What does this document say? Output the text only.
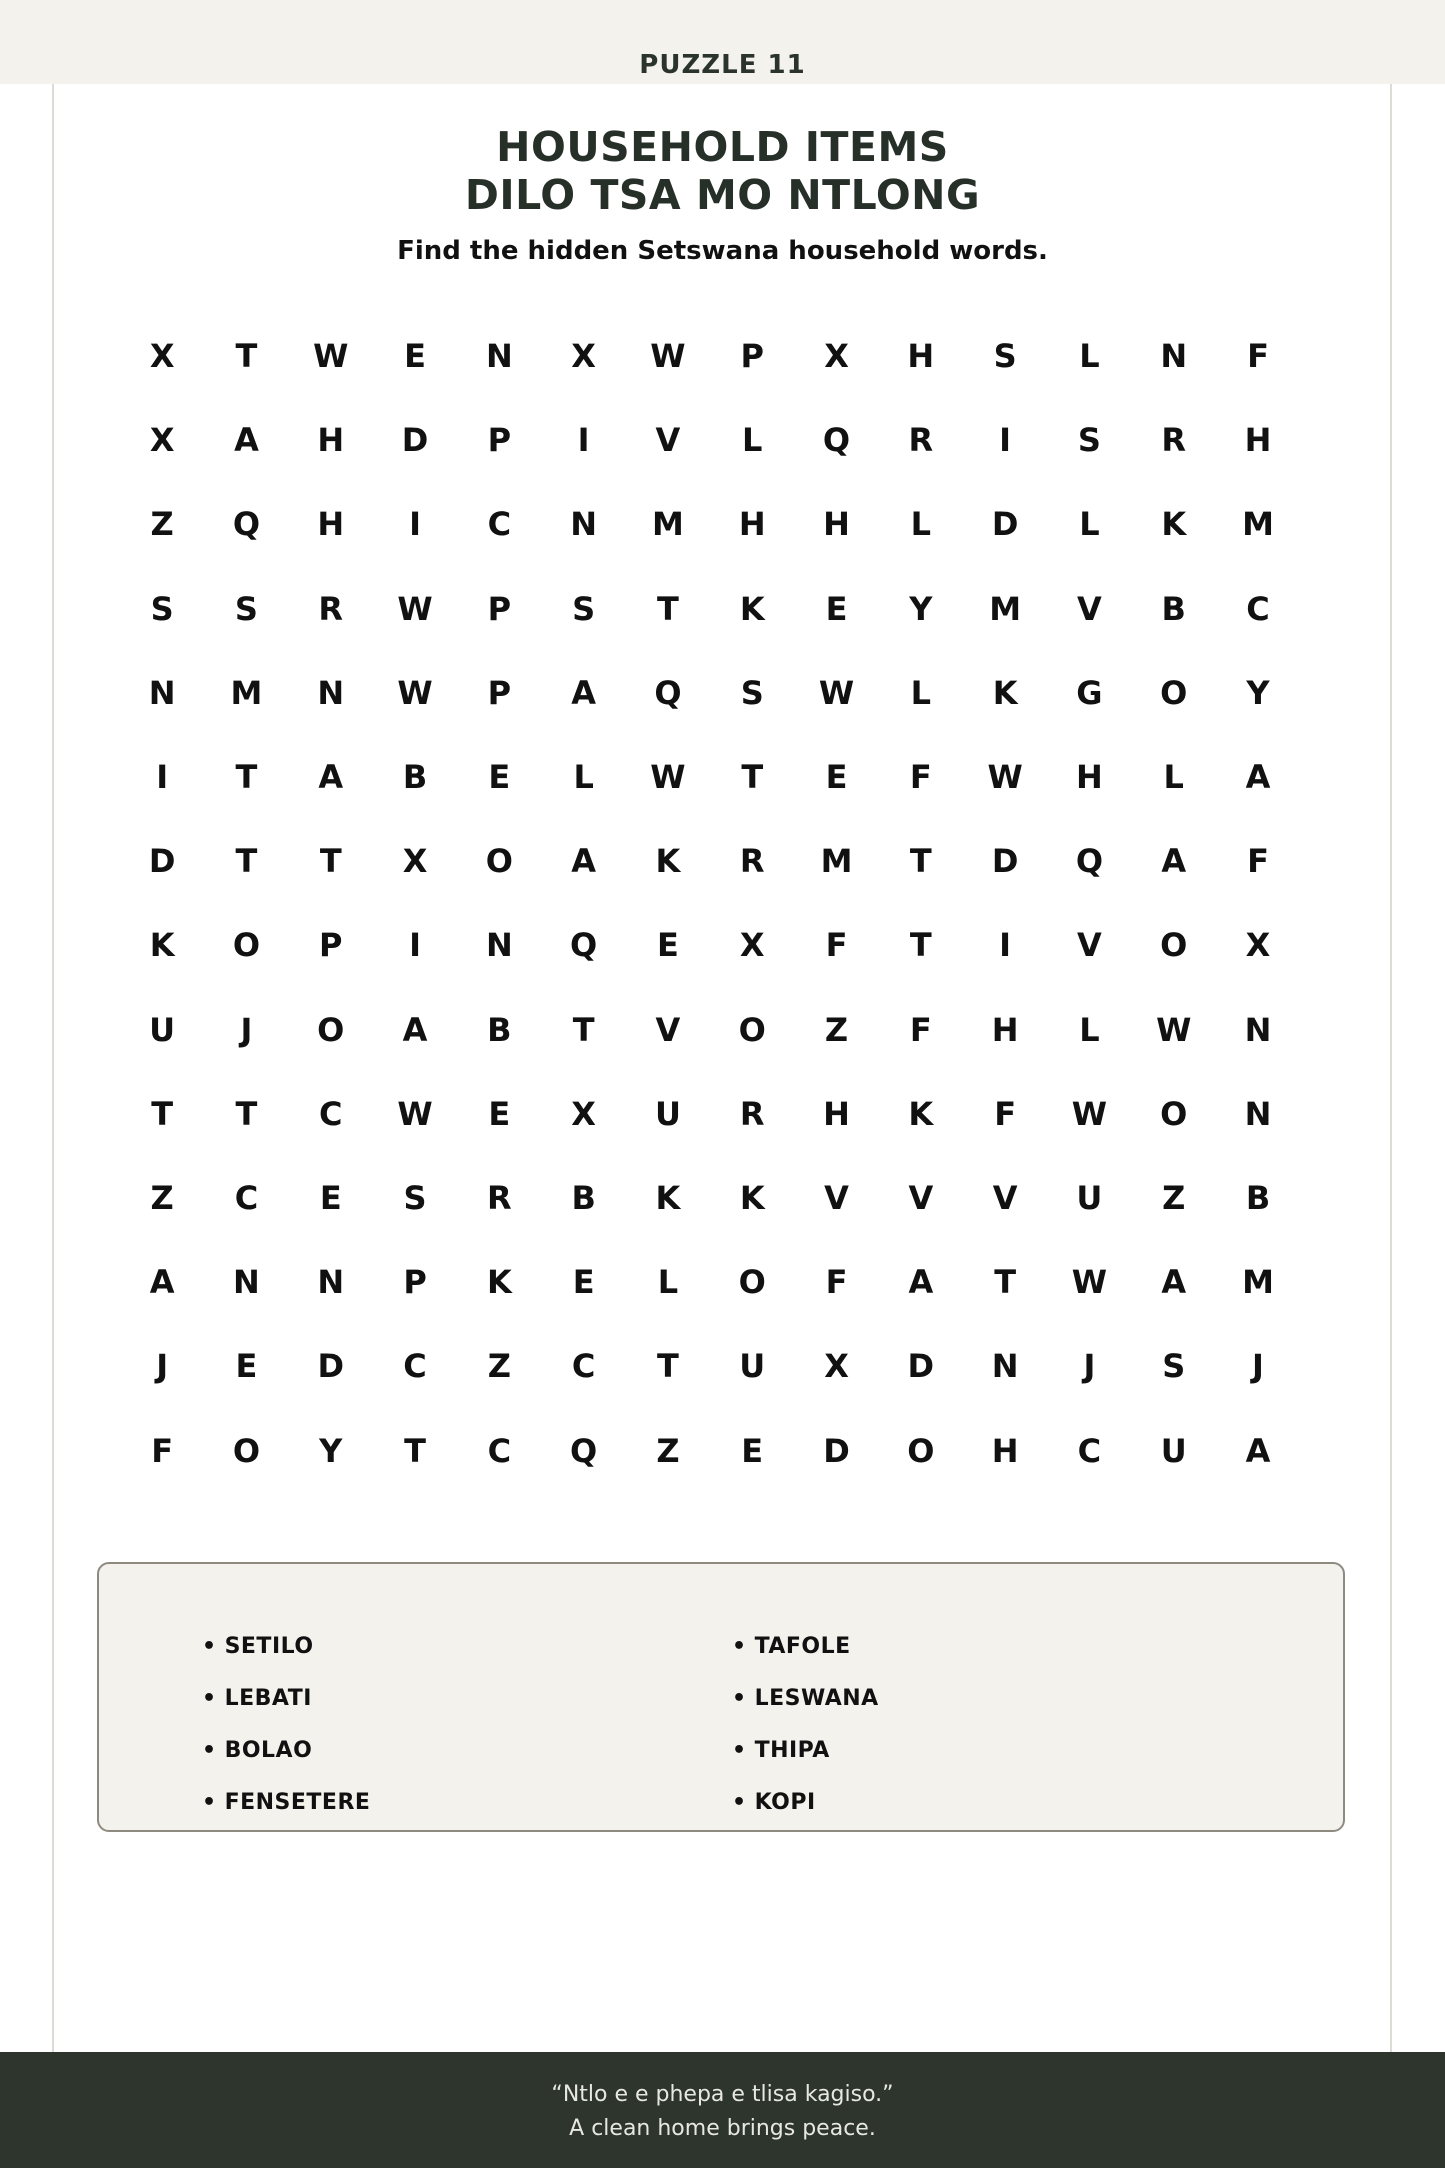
PUZZLE 11
HOUSEHOLD ITEMS
DILO TSA MO NTLONG
Find the hidden Setswana household words.
X	T	W	E	N	X	W	P	X	H	S	L	N	F
X	A	H	D	P	I	V	L	Q	R	I	S	R	H
Z	Q	H	I	C	N	M	H	H	L	D	L	K	M
S	S	R	W	P	S	T	K	E	Y	M	V	B	C
N	M	N	W	P	A	Q	S	W	L	K	G	O	Y
I	T	A	B	E	L	W	T	E	F	W	H	L	A
D	T	T	X	O	A	K	R	M	T	D	Q	A	F
K	O	P	I	N	Q	E	X	F	T	I	V	O	X
U	J	O	A	B	T	V	O	Z	F	H	L	W	N
T	T	C	W	E	X	U	R	H	K	F	W	O	N
Z	C	E	S	R	B	K	K	V	V	V	U	Z	B
A	N	N	P	K	E	L	O	F	A	T	W	A	M
J	E	D	C	Z	C	T	U	X	D	N	J	S	J
F	O	Y	T	C	Q	Z	E	D	O	H	C	U	A
• SETILO
• LEBATI
• BOLAO
• FENSETERE
• TAFOLE
• LESWANA
• THIPA
• KOPI
“Ntlo e e phepa e tlisa kagiso.”
A clean home brings peace.
